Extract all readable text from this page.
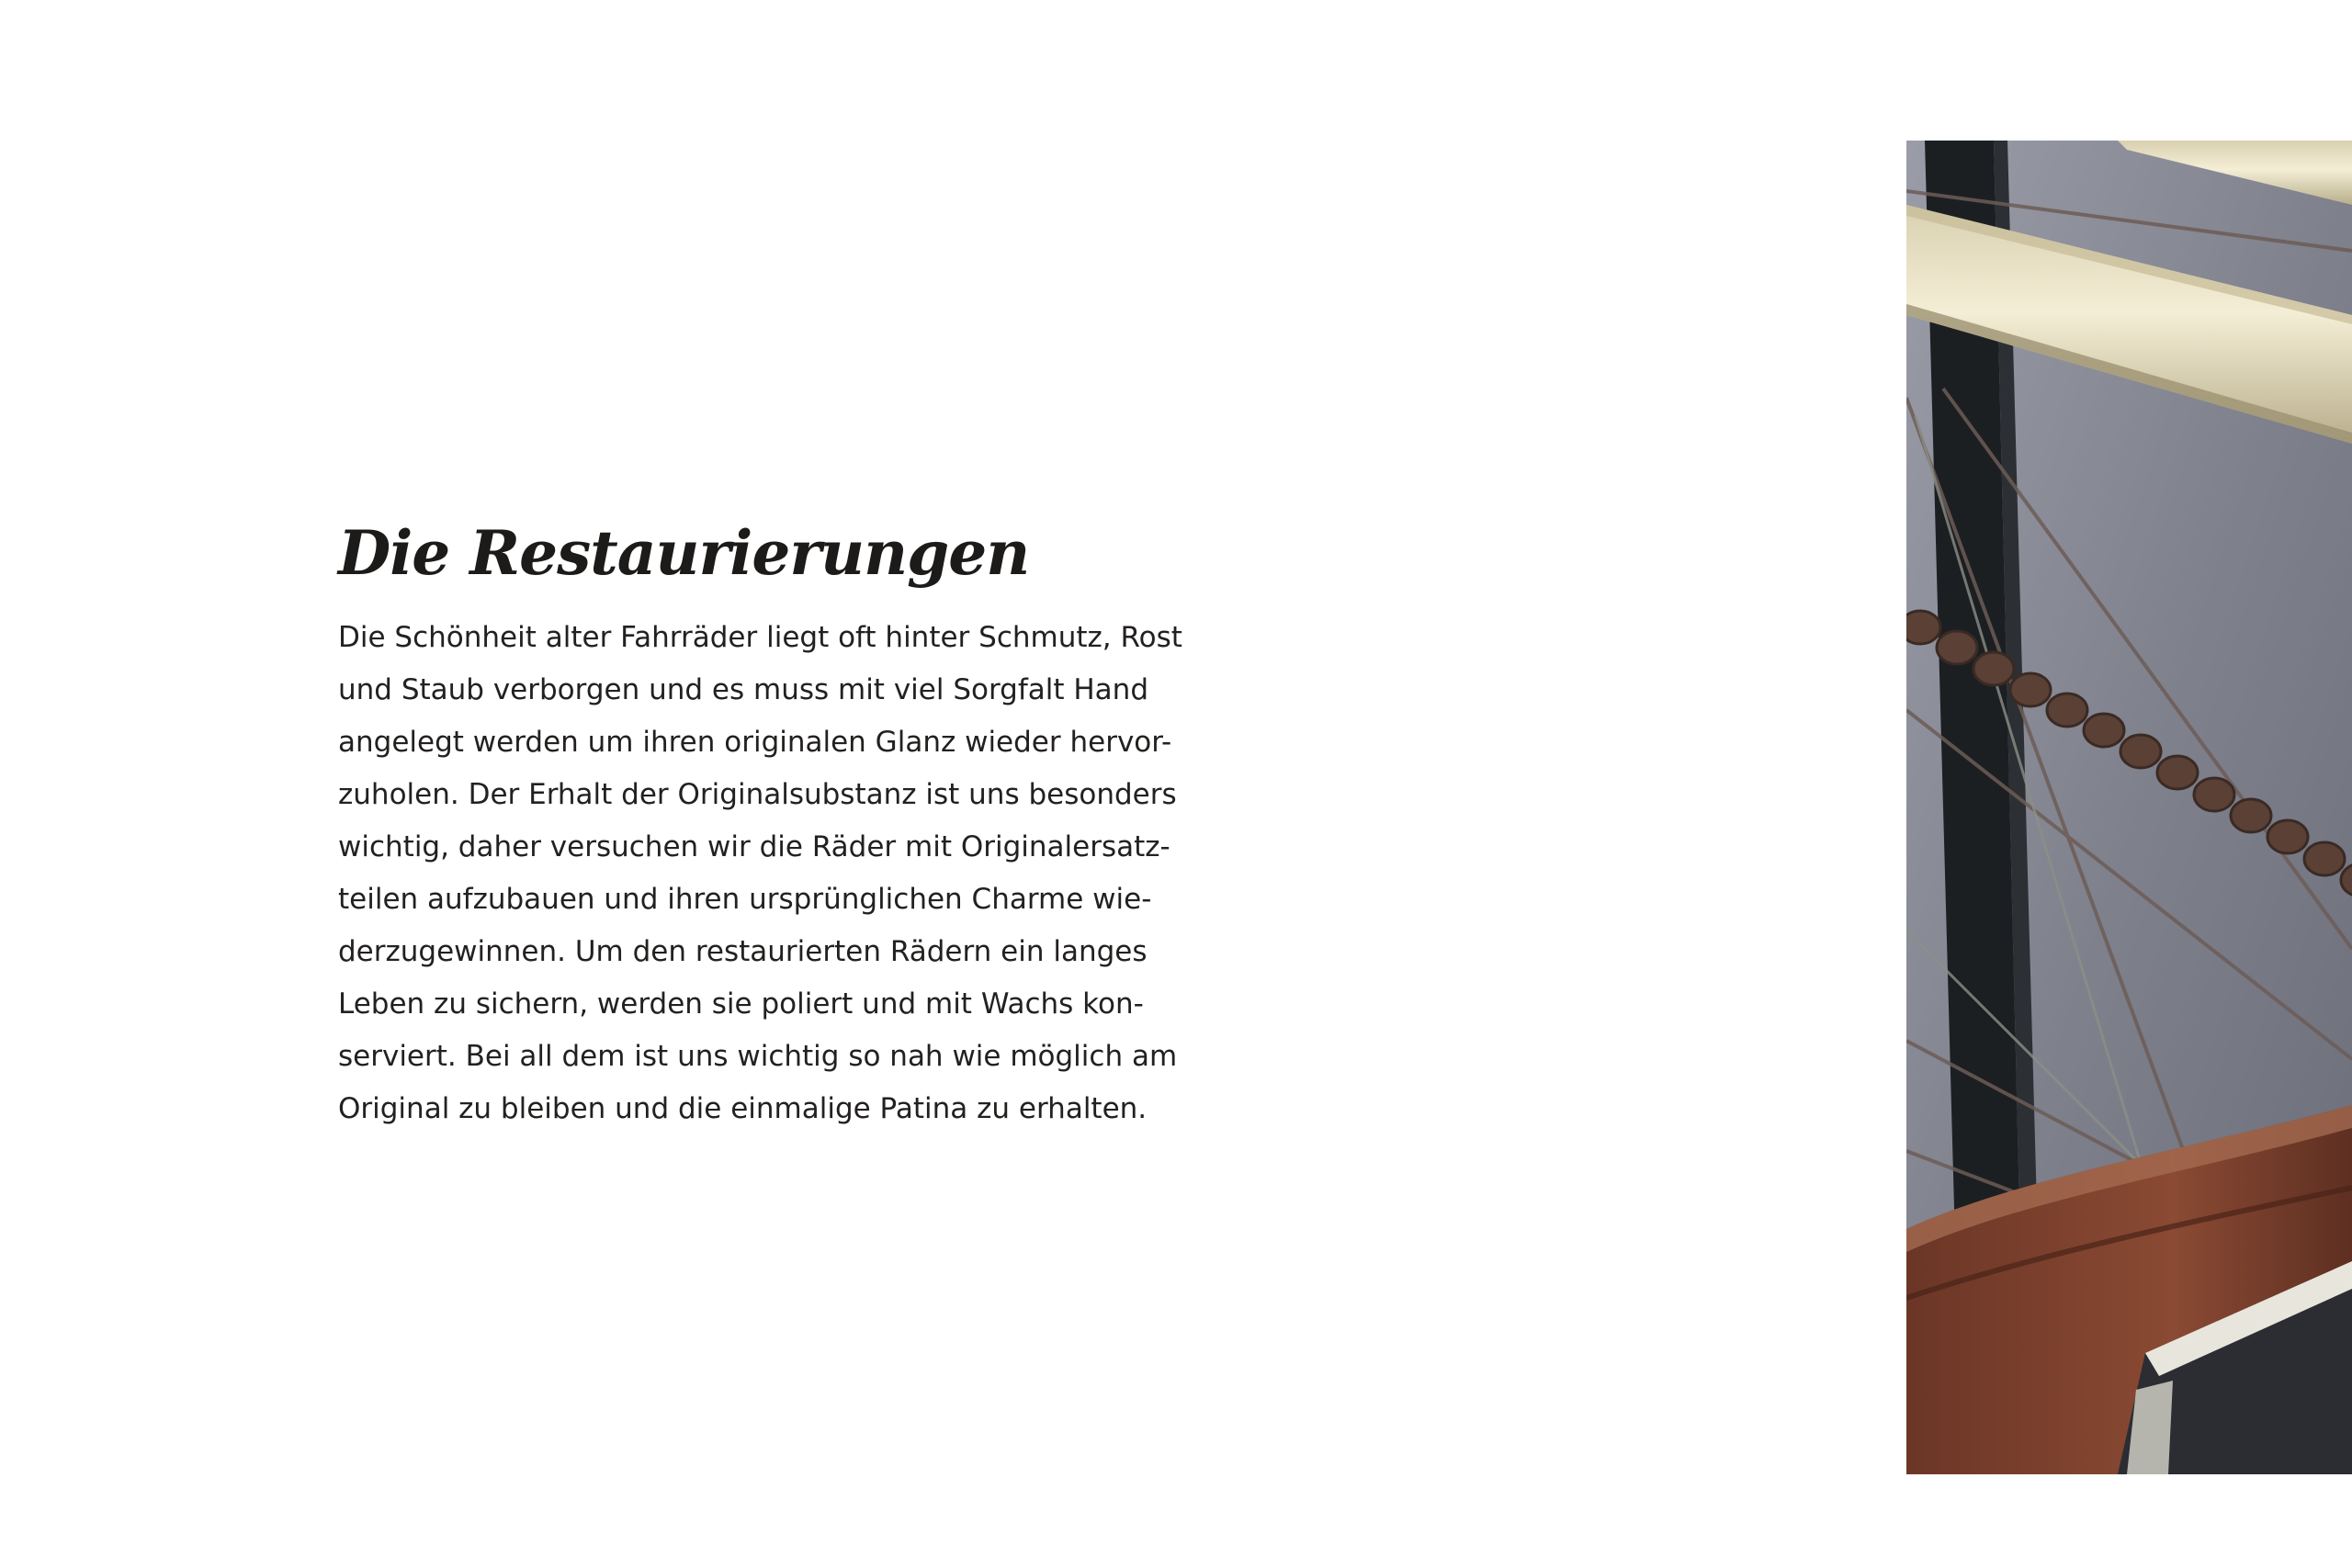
Die Restaurierungen

Die Schönheit alter Fahrräder liegt oft hinter Schmutz, Rost
und Staub verborgen und es muss mit viel Sorgfalt Hand
angelegt werden um ihren originalen Glanz wieder hervor-
zuholen. Der Erhalt der Originalsubstanz ist uns besonders
wichtig, daher versuchen wir die Räder mit Originalersatz-
teilen aufzubauen und ihren ursprünglichen Charme wie-
derzugewinnen. Um den restaurierten Rädern ein langes
Leben zu sichern, werden sie poliert und mit Wachs kon-
serviert. Bei all dem ist uns wichtig so nah wie möglich am
Original zu bleiben und die einmalige Patina zu erhalten.
